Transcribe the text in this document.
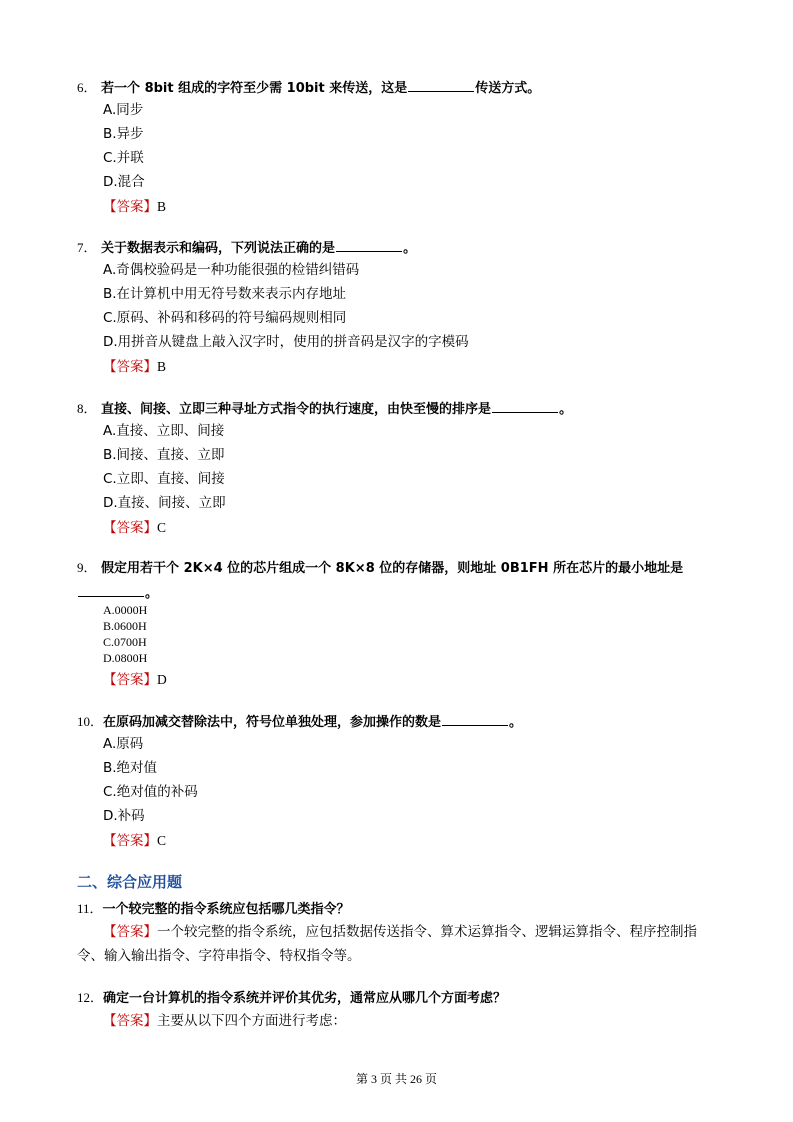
6． 若一个 8bit 组成的字符至少需 10bit 来传送，这是	传送方式。
A.同步
B.异步
C.并联
D.混合
【答案】B
7． 关于数据表示和编码，下列说法正确的是	。
A.奇偶校验码是一种功能很强的检错纠错码
B.在计算机中用无符号数来表示内存地址
C.原码、补码和移码的符号编码规则相同
D.用拼音从键盘上敲入汉字时，使用的拼音码是汉字的字模码
【答案】B
8． 直接、间接、立即三种寻址方式指令的执行速度，由快至慢的排序是	。
A.直接、立即、间接
B.间接、直接、立即
C.立即、直接、间接
D.直接、间接、立即
【答案】C
9． 假定用若干个 2K×4 位的芯片组成一个 8K×8 位的存储器，则地址 0B1FH 所在芯片的最小地址是
。
A.0000H
B.0600H
C.0700H
D.0800H
【答案】D
10．在原码加减交替除法中，符号位单独处理，参加操作的数是	。
A.原码
B.绝对值
C.绝对值的补码
D.补码
【答案】C
二、综合应用题
11．一个较完整的指令系统应包括哪几类指令？
【答案】一个较完整的指令系统，应包括数据传送指令、算术运算指令、逻辑运算指令、程序控制指
令、输入输出指令、字符串指令、特权指令等。
12．确定一台计算机的指令系统并评价其优劣，通常应从哪几个方面考虑？
【答案】主要从以下四个方面进行考虑：
第 3 页 共 26 页
